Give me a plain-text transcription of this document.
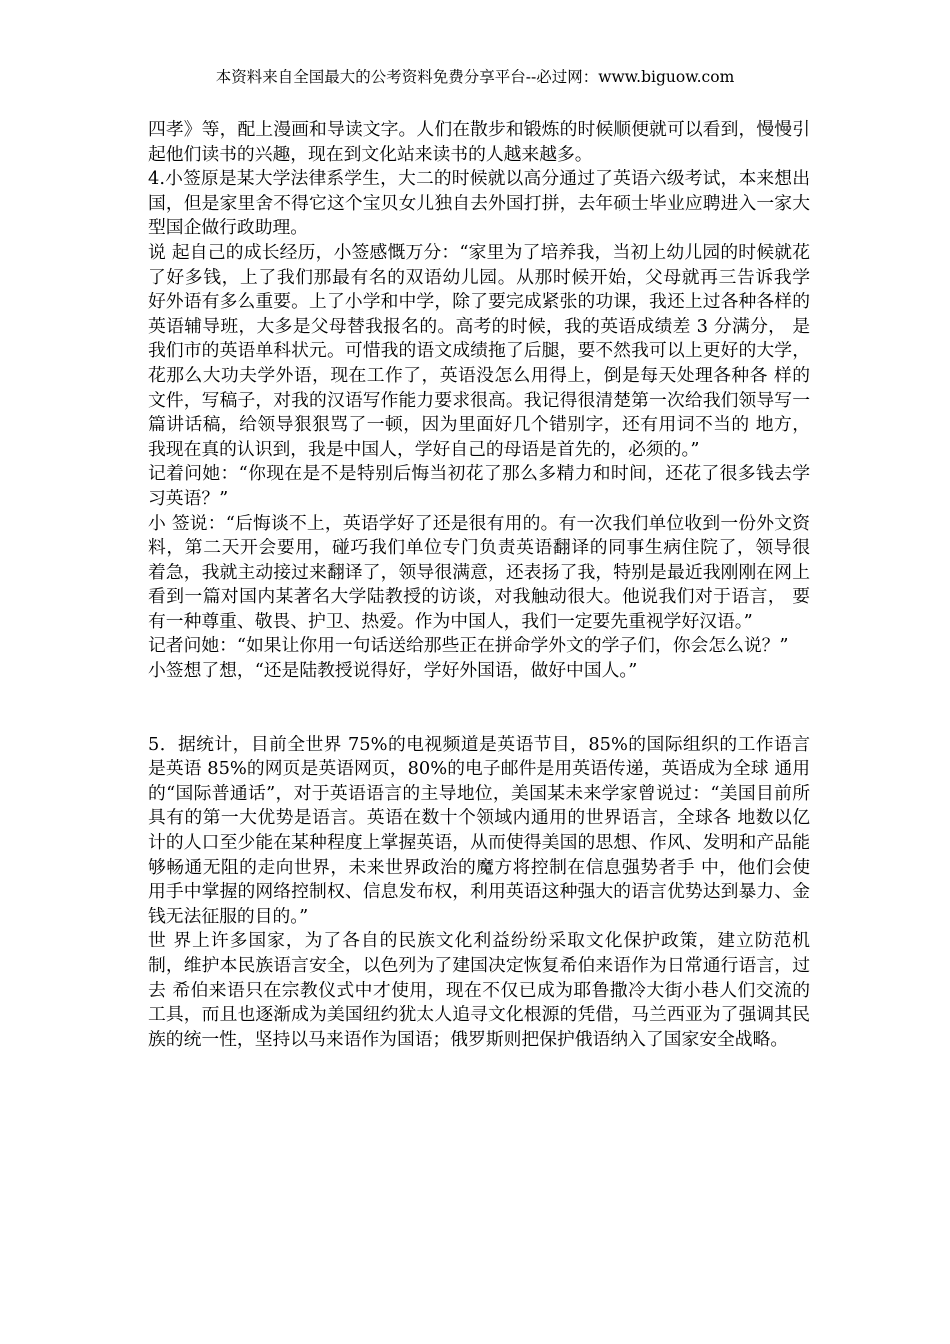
本资料来自全国最大的公考资料免费分享平台--必过网：www.biguow.com

四孝》等，配上漫画和导读文字。人们在散步和锻炼的时候顺便就可以看到，慢慢引起他们读书的兴趣，现在到文化站来读书的人越来越多。

4.小签原是某大学法律系学生，大二的时候就以高分通过了英语六级考试，本来想出国，但是家里舍不得它这个宝贝女儿独自去外国打拼，去年硕士毕业应聘进入一家大型国企做行政助理。

说 起自己的成长经历，小签感慨万分：“家里为了培养我，当初上幼儿园的时候就花了好多钱，上了我们那最有名的双语幼儿园。从那时候开始，父母就再三告诉我学 好外语有多么重要。上了小学和中学，除了要完成紧张的功课，我还上过各种各样的英语辅导班，大多是父母替我报名的。高考的时候，我的英语成绩差 3 分满分， 是我们市的英语单科状元。可惜我的语文成绩拖了后腿，要不然我可以上更好的大学，花那么大功夫学外语，现在工作了，英语没怎么用得上，倒是每天处理各种各 样的文件，写稿子，对我的汉语写作能力要求很高。我记得很清楚第一次给我们领导写一篇讲话稿，给领导狠狠骂了一顿，因为里面好几个错别字，还有用词不当的 地方，我现在真的认识到，我是中国人，学好自己的母语是首先的，必须的。”

记着问她：“你现在是不是特别后悔当初花了那么多精力和时间，还花了很多钱去学习英语？”

小 签说：“后悔谈不上，英语学好了还是很有用的。有一次我们单位收到一份外文资料，第二天开会要用，碰巧我们单位专门负责英语翻译的同事生病住院了，领导很 着急，我就主动接过来翻译了，领导很满意，还表扬了我，特别是最近我刚刚在网上看到一篇对国内某著名大学陆教授的访谈，对我触动很大。他说我们对于语言， 要有一种尊重、敬畏、护卫、热爱。作为中国人，我们一定要先重视学好汉语。”

记者问她：“如果让你用一句话送给那些正在拼命学外文的学子们，你会怎么说？”

小签想了想，“还是陆教授说得好，学好外国语，做好中国人。”

5．据统计，目前全世界 75%的电视频道是英语节目，85%的国际组织的工作语言是英语 85%的网页是英语网页，80%的电子邮件是用英语传递，英语成为全球 通用的“国际普通话”，对于英语语言的主导地位，美国某未来学家曾说过：“美国目前所具有的第一大优势是语言。英语在数十个领域内通用的世界语言，全球各 地数以亿计的人口至少能在某种程度上掌握英语，从而使得美国的思想、作风、发明和产品能够畅通无阻的走向世界，未来世界政治的魔方将控制在信息强势者手 中，他们会使用手中掌握的网络控制权、信息发布权，利用英语这种强大的语言优势达到暴力、金钱无法征服的目的。”

世 界上许多国家，为了各自的民族文化利益纷纷采取文化保护政策，建立防范机制，维护本民族语言安全，以色列为了建国决定恢复希伯来语作为日常通行语言，过去 希伯来语只在宗教仪式中才使用，现在不仅已成为耶鲁撒冷大街小巷人们交流的工具，而且也逐渐成为美国纽约犹太人追寻文化根源的凭借，马兰西亚为了强调其民 族的统一性，坚持以马来语作为国语；俄罗斯则把保护俄语纳入了国家安全战略。
